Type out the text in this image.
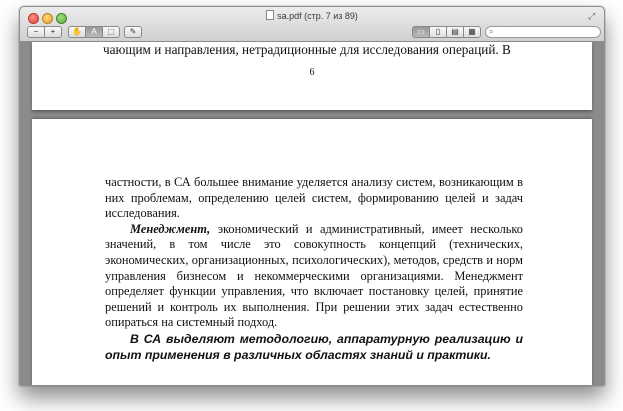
sa.pdf (стр. 7 из 89)	⤢
−	+	✋	A	⬚	✎	▭	▯	▤	▦	⌕
чающим и направления, нетрадиционные для исследования операций. В
6

частности, в СА большее внимание уделяется анализу систем, возникающим в них проблемам, определению целей систем, формированию целей и задач исследования.

Менеджмент, экономический и административный, имеет несколько значений, в том числе это совокупность концепций (технических, экономических, организационных, психологических), методов, средств и норм управления бизнесом и некоммерческими организациями. Менеджмент определяет функции управления, что включает постановку целей, принятие решений и контроль их выполнения. При решении этих задач естественно опираться на системный подход.

В СА выделяют методологию, аппаратурную реализацию и опыт применения в различных областях знаний и практики.
